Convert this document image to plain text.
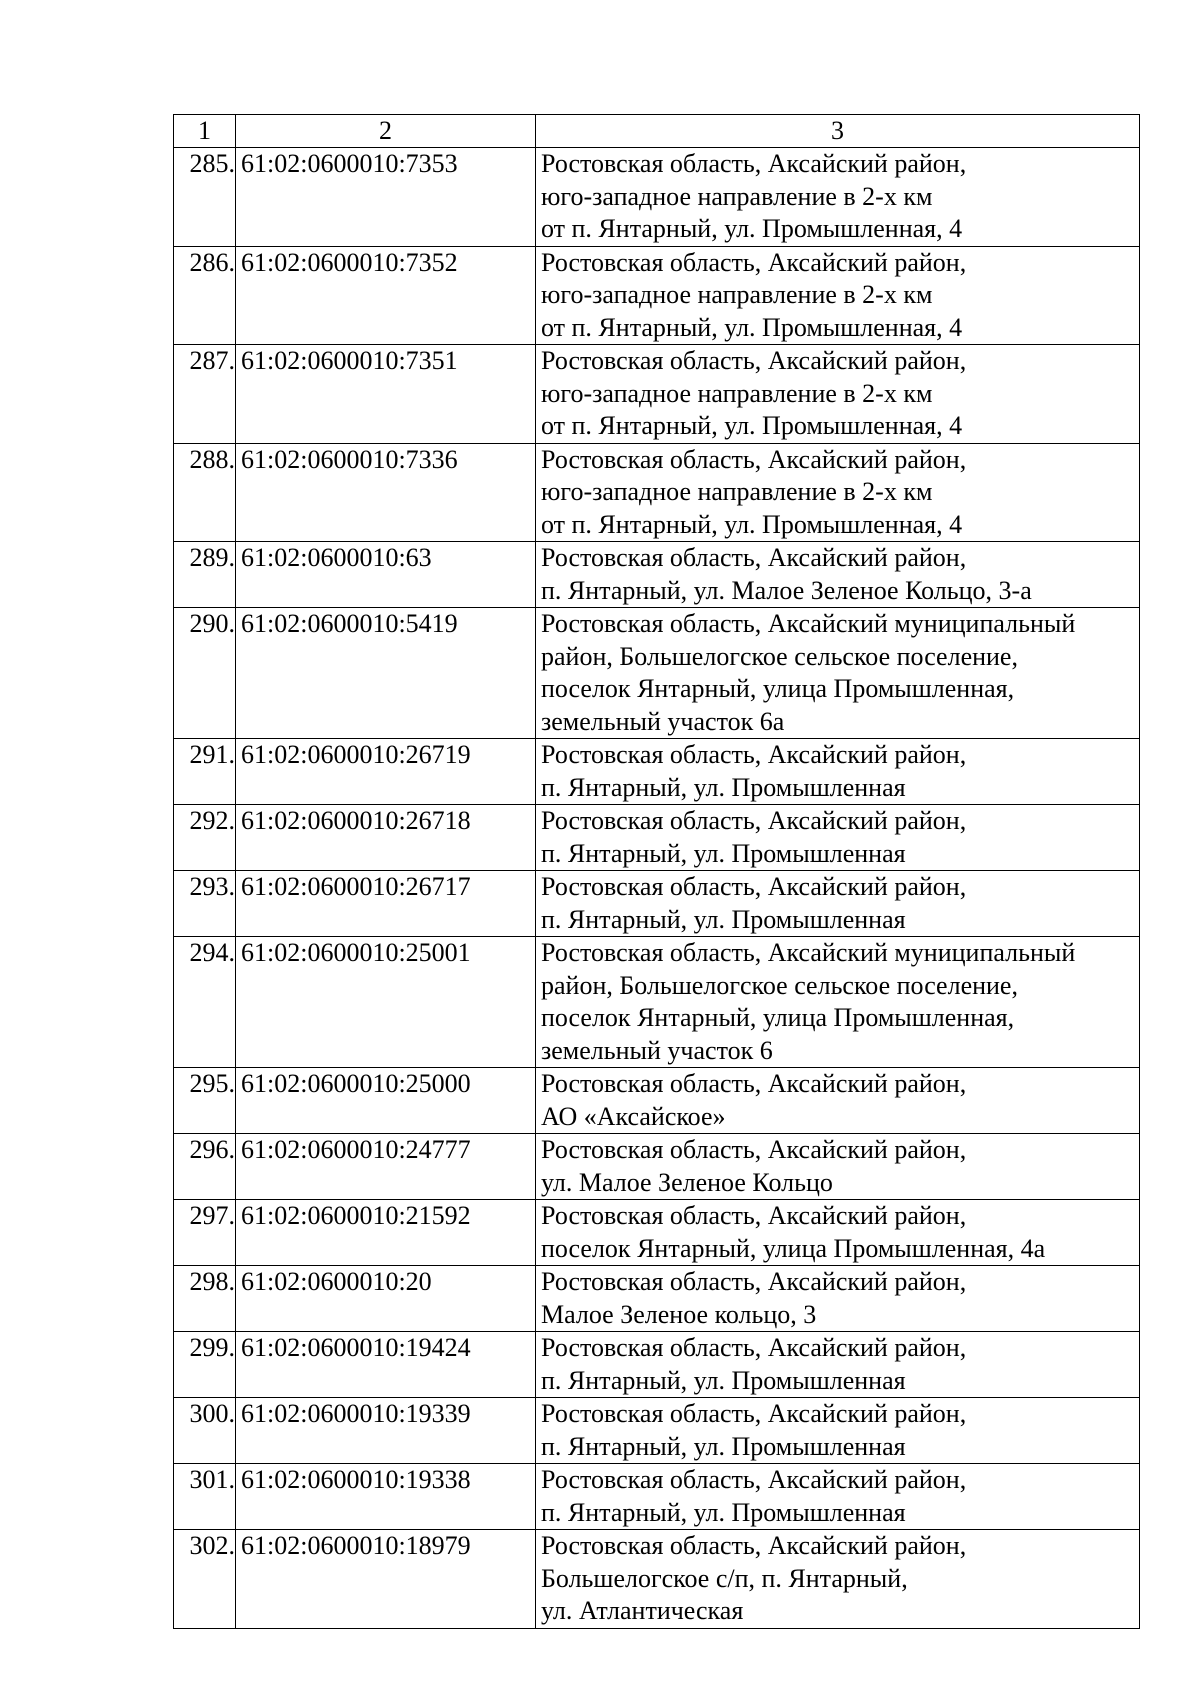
1	2	3
285.	61:02:0600010:7353	Ростовская область, Аксайский район,
юго-западное направление в 2-х км
от п. Янтарный, ул. Промышленная, 4

286.	61:02:0600010:7352	Ростовская область, Аксайский район,
юго-западное направление в 2-х км
от п. Янтарный, ул. Промышленная, 4

287.	61:02:0600010:7351	Ростовская область, Аксайский район,
юго-западное направление в 2-х км
от п. Янтарный, ул. Промышленная, 4

288.	61:02:0600010:7336	Ростовская область, Аксайский район,
юго-западное направление в 2-х км
от п. Янтарный, ул. Промышленная, 4

289.	61:02:0600010:63	Ростовская область, Аксайский район,
п. Янтарный, ул. Малое Зеленое Кольцо, 3-а

290.	61:02:0600010:5419	Ростовская область, Аксайский муниципальный
район, Большелогское сельское поселение,
поселок Янтарный, улица Промышленная,
земельный участок 6а

291.	61:02:0600010:26719	Ростовская область, Аксайский район,
п. Янтарный, ул. Промышленная

292.	61:02:0600010:26718	Ростовская область, Аксайский район,
п. Янтарный, ул. Промышленная

293.	61:02:0600010:26717	Ростовская область, Аксайский район,
п. Янтарный, ул. Промышленная

294.	61:02:0600010:25001	Ростовская область, Аксайский муниципальный
район, Большелогское сельское поселение,
поселок Янтарный, улица Промышленная,
земельный участок 6

295.	61:02:0600010:25000	Ростовская область, Аксайский район,
АО «Аксайское»

296.	61:02:0600010:24777	Ростовская область, Аксайский район,
ул. Малое Зеленое Кольцо

297.	61:02:0600010:21592	Ростовская область, Аксайский район,
поселок Янтарный, улица Промышленная, 4а

298.	61:02:0600010:20	Ростовская область, Аксайский район,
Малое Зеленое кольцо, 3

299.	61:02:0600010:19424	Ростовская область, Аксайский район,
п. Янтарный, ул. Промышленная

300.	61:02:0600010:19339	Ростовская область, Аксайский район,
п. Янтарный, ул. Промышленная

301.	61:02:0600010:19338	Ростовская область, Аксайский район,
п. Янтарный, ул. Промышленная

302.	61:02:0600010:18979	Ростовская область, Аксайский район,
Большелогское с/п, п. Янтарный,
ул. Атлантическая
